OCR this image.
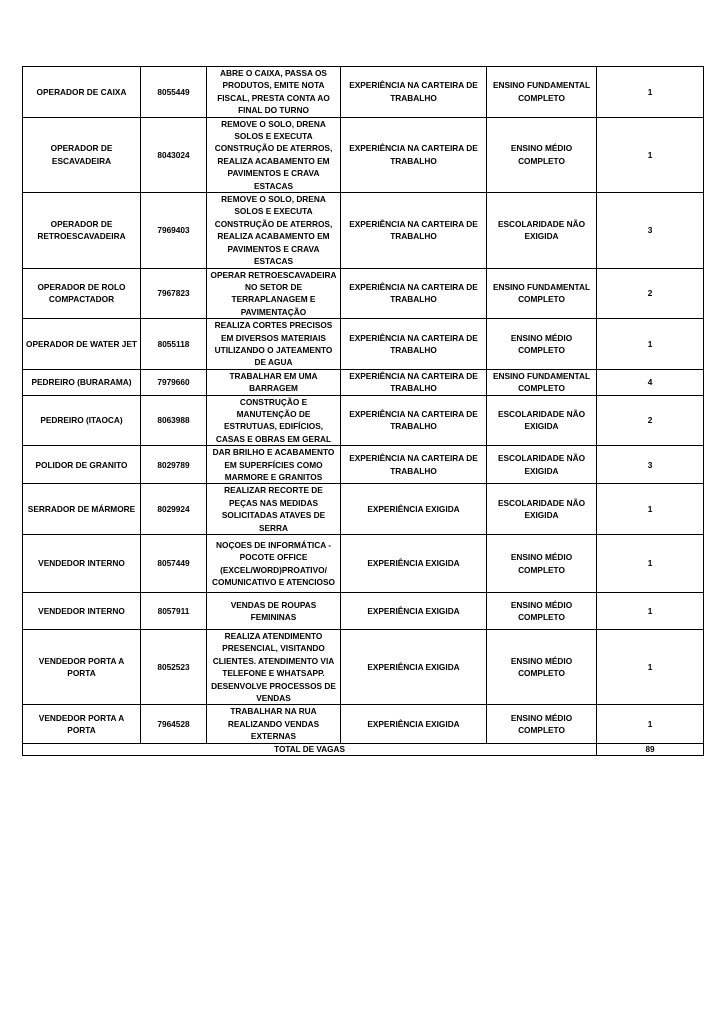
OPERADOR DE CAIXA	8055449	ABRE O CAIXA, PASSA OS PRODUTOS, EMITE NOTA FISCAL, PRESTA CONTA AO FINAL DO TURNO	EXPERIÊNCIA NA CARTEIRA DE TRABALHO	ENSINO FUNDAMENTAL COMPLETO	1
OPERADOR DE ESCAVADEIRA	8043024	REMOVE O SOLO, DRENA SOLOS E EXECUTA CONSTRUÇÃO DE ATERROS, REALIZA ACABAMENTO EM PAVIMENTOS E CRAVA ESTACAS	EXPERIÊNCIA NA CARTEIRA DE TRABALHO	ENSINO MÉDIO COMPLETO	1
OPERADOR DE RETROESCAVADEIRA	7969403	REMOVE O SOLO, DRENA SOLOS E EXECUTA CONSTRUÇÃO DE ATERROS, REALIZA ACABAMENTO EM PAVIMENTOS E CRAVA ESTACAS	EXPERIÊNCIA NA CARTEIRA DE TRABALHO	ESCOLARIDADE NÃO EXIGIDA	3
OPERADOR DE ROLO COMPACTADOR	7967823	OPERAR RETROESCAVADEIRA NO SETOR DE TERRAPLANAGEM E PAVIMENTAÇÃO	EXPERIÊNCIA NA CARTEIRA DE TRABALHO	ENSINO FUNDAMENTAL COMPLETO	2
OPERADOR DE WATER JET	8055118	REALIZA CORTES PRECISOS EM DIVERSOS MATERIAIS UTILIZANDO O JATEAMENTO DE AGUA	EXPERIÊNCIA NA CARTEIRA DE TRABALHO	ENSINO MÉDIO COMPLETO	1
PEDREIRO (BURARAMA)	7979660	TRABALHAR EM UMA BARRAGEM	EXPERIÊNCIA NA CARTEIRA DE TRABALHO	ENSINO FUNDAMENTAL COMPLETO	4
PEDREIRO (ITAOCA)	8063988	CONSTRUÇÃO E MANUTENÇÃO DE ESTRUTUAS, EDIFÍCIOS, CASAS E OBRAS EM GERAL	EXPERIÊNCIA NA CARTEIRA DE TRABALHO	ESCOLARIDADE NÃO EXIGIDA	2
POLIDOR DE GRANITO	8029789	DAR BRILHO E ACABAMENTO EM SUPERFÍCIES COMO MARMORE E GRANITOS	EXPERIÊNCIA NA CARTEIRA DE TRABALHO	ESCOLARIDADE NÃO EXIGIDA	3
SERRADOR DE MÁRMORE	8029924	REALIZAR RECORTE DE PEÇAS NAS MEDIDAS SOLICITADAS ATAVES DE SERRA	EXPERIÊNCIA EXIGIDA	ESCOLARIDADE NÃO EXIGIDA	1
VENDEDOR INTERNO	8057449	NOÇOES DE INFORMÁTICA - POCOTE OFFICE (EXCEL/WORD)PROATIVO/ COMUNICATIVO E ATENCIOSO	EXPERIÊNCIA EXIGIDA	ENSINO MÉDIO COMPLETO	1
VENDEDOR INTERNO	8057911	VENDAS DE ROUPAS FEMININAS	EXPERIÊNCIA EXIGIDA	ENSINO MÉDIO COMPLETO	1
VENDEDOR PORTA A PORTA	8052523	REALIZA ATENDIMENTO PRESENCIAL, VISITANDO CLIENTES. ATENDIMENTO VIA TELEFONE E WHATSAPP. DESENVOLVE PROCESSOS DE VENDAS	EXPERIÊNCIA EXIGIDA	ENSINO MÉDIO COMPLETO	1
VENDEDOR PORTA A PORTA	7964528	TRABALHAR NA RUA REALIZANDO VENDAS EXTERNAS	EXPERIÊNCIA EXIGIDA	ENSINO MÉDIO COMPLETO	1
TOTAL DE VAGAS					89
